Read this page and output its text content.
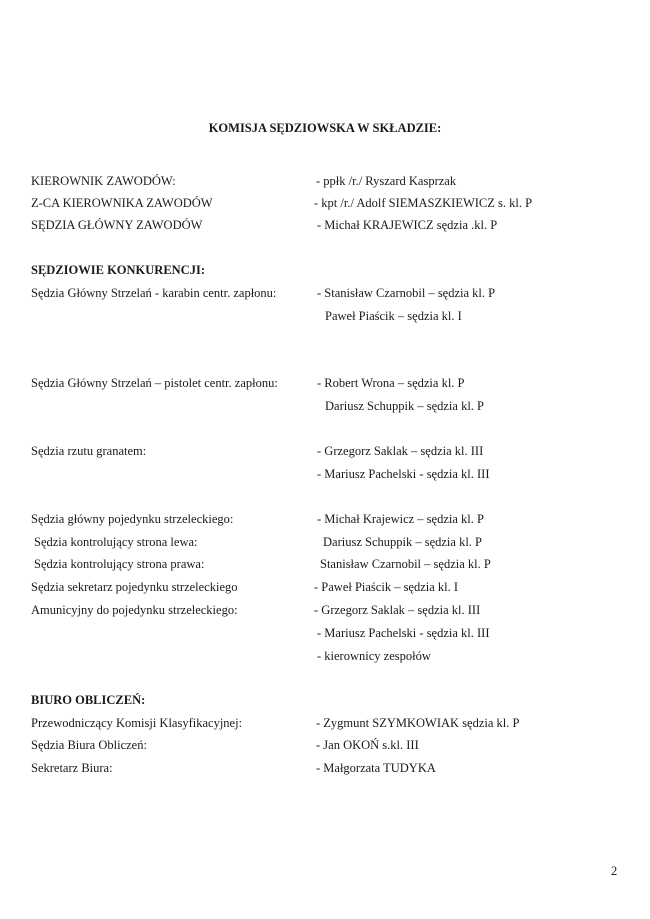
KOMISJA SĘDZIOWSKA W SKŁADZIE:
KIEROWNIK ZAWODÓW:	- ppłk /r./ Ryszard Kasprzak
Z-CA KIEROWNIKA ZAWODÓW	- kpt /r./ Adolf SIEMASZKIEWICZ s. kl. P
SĘDZIA GŁÓWNY ZAWODÓW	- Michał KRAJEWICZ sędzia .kl. P
SĘDZIOWIE KONKURENCJI:
Sędzia Główny Strzelań - karabin centr. zapłonu:	- Stanisław Czarnobil – sędzia kl. P
Paweł Piaścik – sędzia kl. I
Sędzia Główny Strzelań – pistolet centr. zapłonu:	- Robert Wrona – sędzia kl. P
Dariusz Schuppik – sędzia kl. P
Sędzia rzutu granatem:	- Grzegorz Saklak – sędzia kl. III
- Mariusz Pachelski - sędzia kl. III
Sędzia główny pojedynku strzeleckiego:	- Michał Krajewicz – sędzia kl. P
Sędzia kontrolujący strona lewa:	Dariusz Schuppik – sędzia kl. P
Sędzia kontrolujący strona prawa:	Stanisław Czarnobil – sędzia kl. P
Sędzia sekretarz pojedynku strzeleckiego	- Paweł Piaścik – sędzia kl. I
Amunicyjny do pojedynku strzeleckiego:	- Grzegorz Saklak – sędzia kl. III
- Mariusz Pachelski - sędzia kl. III
- kierownicy zespołów
BIURO OBLICZEŃ:
Przewodniczący Komisji Klasyfikacyjnej:	- Zygmunt SZYMKOWIAK sędzia kl. P
Sędzia Biura Obliczeń:	- Jan OKOŃ s.kl. III
Sekretarz Biura:	- Małgorzata TUDYKA
2
